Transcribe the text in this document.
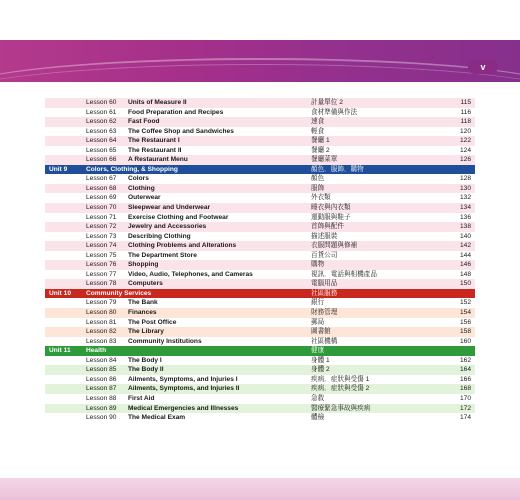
v
Lesson 60 Units of Measure II	計量單位 2	115
Lesson 61 Food Preparation and Recipes	食材準備與作法	116
Lesson 62 Fast Food	速食	118
Lesson 63 The Coffee Shop and Sandwiches	輕食	120
Lesson 64 The Restaurant I	餐廳 1	122
Lesson 65 The Restaurant II	餐廳 2	124
Lesson 66 A Restaurant Menu	餐廳菜單	126
Unit 9	Colors, Clothing, & Shopping	顏色．服飾．購物
Lesson 67 Colors	顏色	128
Lesson 68 Clothing	服飾	130
Lesson 69 Outerwear	外衣類	132
Lesson 70 Sleepwear and Underwear	睡衣與內衣類	134
Lesson 71 Exercise Clothing and Footwear	運動服與鞋子	136
Lesson 72 Jewelry and Accessories	首飾與配件	138
Lesson 73 Describing Clothing	描述服裝	140
Lesson 74 Clothing Problems and Alterations	衣服問題與修補	142
Lesson 75 The Department Store	百貨公司	144
Lesson 76 Shopping	購物	146
Lesson 77 Video, Audio, Telephones, and Cameras	視訊．電話與相機產品	148
Lesson 78 Computers	電腦用品	150
Unit 10 Community Services	社區服務
Lesson 79 The Bank	銀行	152
Lesson 80 Finances	財務管理	154
Lesson 81 The Post Office	郵局	156
Lesson 82 The Library	圖書館	158
Lesson 83 Community Institutions	社區機構	160
Unit 11 Health	健康
Lesson 84 The Body I	身體 1	162
Lesson 85 The Body II	身體 2	164
Lesson 86 Ailments, Symptoms, and Injuries I	疾病．症狀與受傷 1	166
Lesson 87 Ailments, Symptoms, and Injuries II	疾病．症狀與受傷 2	168
Lesson 88 First Aid	急救	170
Lesson 89 Medical Emergencies and Illnesses	醫療緊急事故與疾病	172
Lesson 90 The Medical Exam	體檢	174
